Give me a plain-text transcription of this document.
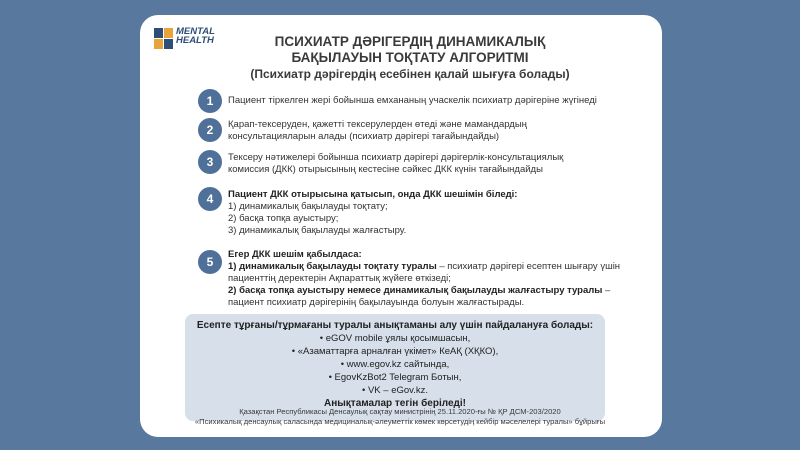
MENTAL
HEALTH	ПСИХИАТР ДӘРІГЕРДІҢ ДИНАМИКАЛЫҚ
БАҚЫЛАУЫН ТОҚТАТУ АЛГОРИТМІ
(Психиатр дәрігердің есебінен қалай шығуға болады)
1	Пациент тіркелген жері бойынша емхананың учаскелік психиатр дәрігеріне жүгінеді
2	Қарап-тексеруден, қажетті тексерулерден өтеді және мамандардың консультацияларын алады (психиатр дәрігері тағайындайды)
3	Тексеру нәтижелері бойынша психиатр дәрігері дәрігерлік-консультациялық комиссия (ДКК) отырысының кестесіне сәйкес ДКК күнін тағайындайды
4	Пациент ДКК отырысына қатысып, онда ДКК шешімін біледі:
1) динамикалық бақылауды тоқтату;
2) басқа топқа ауыстыру;
3) динамикалық бақылауды жалғастыру.
5
Егер ДКК шешім қабылдаса:
1) динамикалық бақылауды тоқтату туралы – психиатр дәрігері есептен шығару үшін пациенттің деректерін Ақпараттық жүйеге өткізеді;
2) басқа топқа ауыстыру немесе динамикалық бақылауды жалғастыру туралы – пациент психиатр дәрігерінің бақылауында болуын жалғастырады.
Есепте тұрғаны/тұрмағаны туралы анықтаманы алу үшін пайдалануға болады:
• eGOV mobile ұялы қосымшасын,
• «Азаматтарға арналған үкімет» КеАҚ (ХҚКО),
• www.egov.kz сайтында,
• EgovKzBot2 Telegram Ботын,
• VK – eGov.kz.
Анықтамалар тегін беріледі!
Қазақстан Республикасы Денсаулық сақтау министрінің 25.11.2020-ғы № ҚР ДСМ-203/2020
«Психикалық денсаулық саласында медициналық-әлеуметтік көмек көрсетудің кейбір мәселелері туралы» бұйрығы
